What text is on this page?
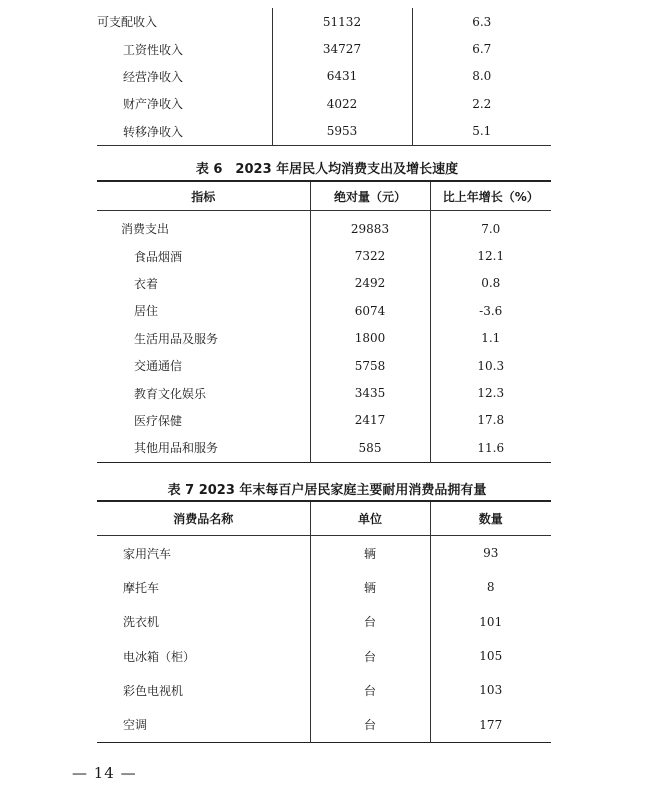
可支配收入	51132	6.3
工资性收入	34727	6.7
经营净收入	6431	8.0
财产净收入	4022	2.2
转移净收入	5953	5.1
表 6　2023 年居民人均消费支出及增长速度
指标	绝对量（元）	比上年增长（%）
消费支出	29883	7.0
食品烟酒	7322	12.1
衣着	2492	0.8
居住	6074	-3.6
生活用品及服务	1800	1.1
交通通信	5758	10.3
教育文化娱乐	3435	12.3
医疗保健	2417	17.8
其他用品和服务	585	11.6
表 7 2023 年末每百户居民家庭主要耐用消费品拥有量
消费品名称	单位	数量
家用汽车	辆	93
摩托车	辆	8
洗衣机	台	101
电冰箱（柜）	台	105
彩色电视机	台	103
空调	台	177
— 14 —
